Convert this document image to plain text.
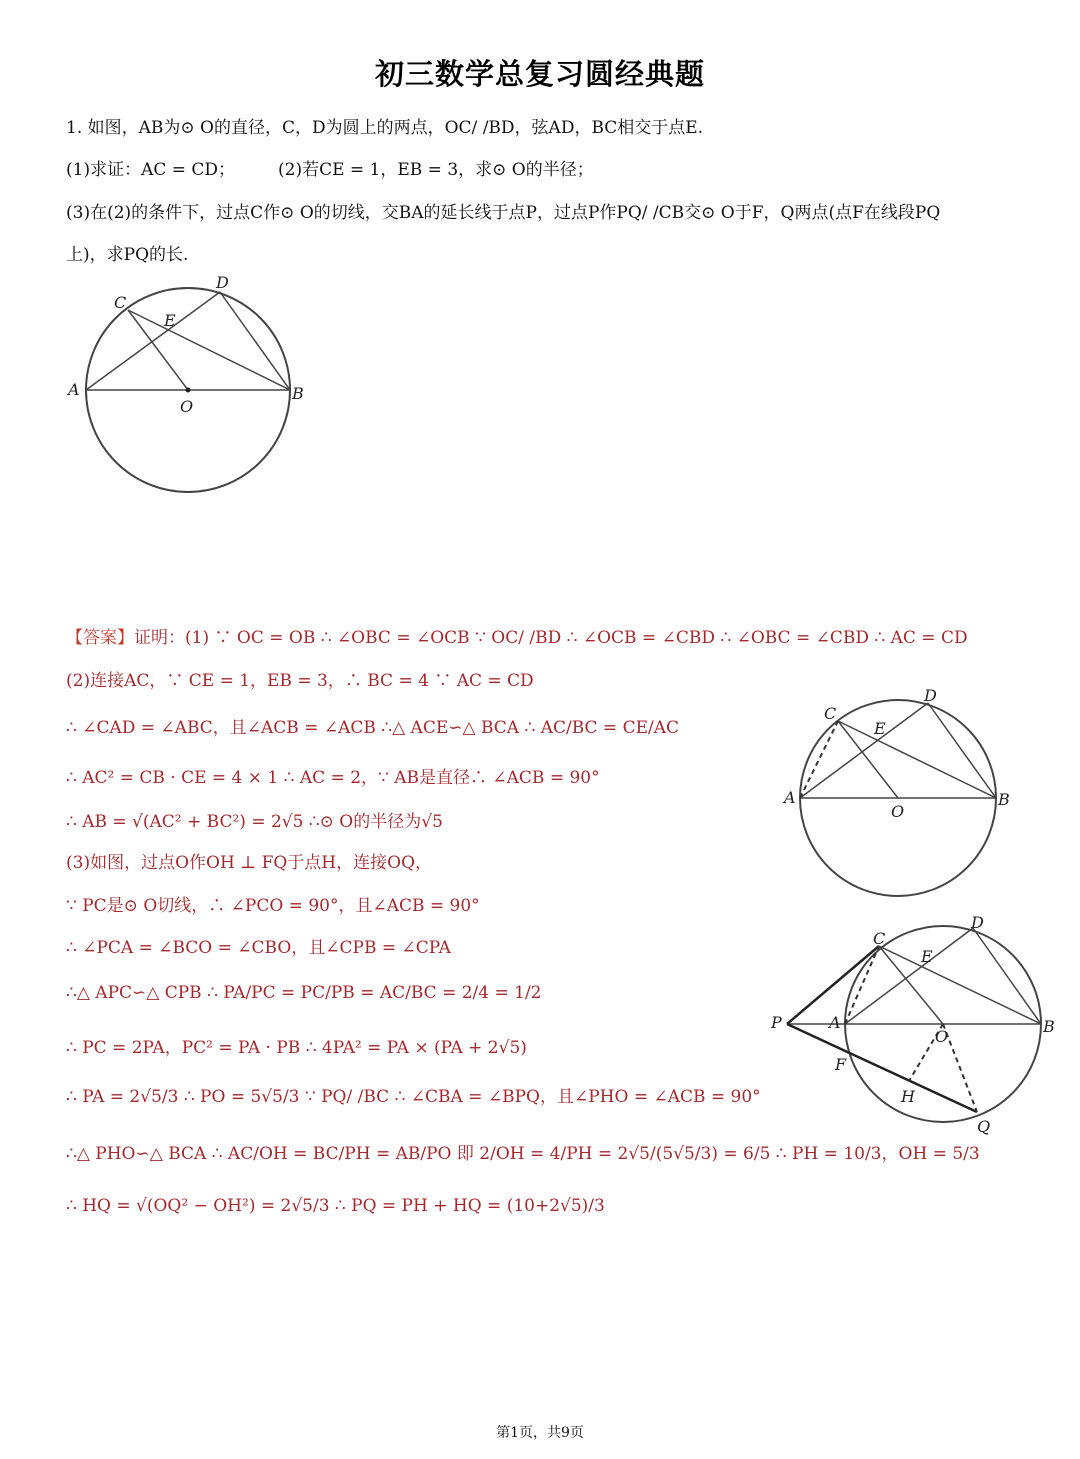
初三数学总复习圆经典题
1. 如图，AB为⊙ O的直径，C，D为圆上的两点，OC/ /BD，弦AD，BC相交于点E.
(1)求证：AC = CD；	(2)若CE = 1，EB = 3，求⊙ O的半径；
(3)在(2)的条件下，过点C作⊙ O的切线，交BA的延长线于点P，过点P作PQ/ /CB交⊙ O于F，Q两点(点F在线段PQ
上)，求PQ的长.
A	B
C
D
E
O
【答案】证明：(1) ∵ OC = OB ∴ ∠OBC = ∠OCB ∵ OC/ /BD ∴ ∠OCB = ∠CBD ∴ ∠OBC = ∠CBD ∴ AC = CD
(2)连接AC，∵ CE = 1，EB = 3，∴ BC = 4 ∵ AC = CD
∴ ∠CAD = ∠ABC，且∠ACB = ∠ACB ∴△ ACE∽△ BCA ∴ AC/BC = CE/AC
∴ AC² = CB · CE = 4 × 1 ∴ AC = 2，∵ AB是直径∴ ∠ACB = 90°
∴ AB = √(AC² + BC²) = 2√5 ∴⊙ O的半径为√5
(3)如图，过点O作OH ⊥ FQ于点H，连接OQ，
∵ PC是⊙ O切线，∴ ∠PCO = 90°，且∠ACB = 90°
∴ ∠PCA = ∠BCO = ∠CBO，且∠CPB = ∠CPA
∴△ APC∽△ CPB ∴ PA/PC = PC/PB = AC/BC = 2/4 = 1/2
∴ PC = 2PA，PC² = PA · PB ∴ 4PA² = PA × (PA + 2√5)
∴ PA = 2√5/3 ∴ PO = 5√5/3 ∵ PQ/ /BC ∴ ∠CBA = ∠BPQ，且∠PHO = ∠ACB = 90°
∴△ PHO∽△ BCA ∴ AC/OH = BC/PH = AB/PO 即 2/OH = 4/PH = 2√5/(5√5/3) = 6/5 ∴ PH = 10/3，OH = 5/3
∴ HQ = √(OQ² − OH²) = 2√5/3 ∴ PQ = PH + HQ = (10+2√5)/3
A	B
C
D
E
O
P	A	B
C
D
E
O
F
H
Q
第1页，共9页
